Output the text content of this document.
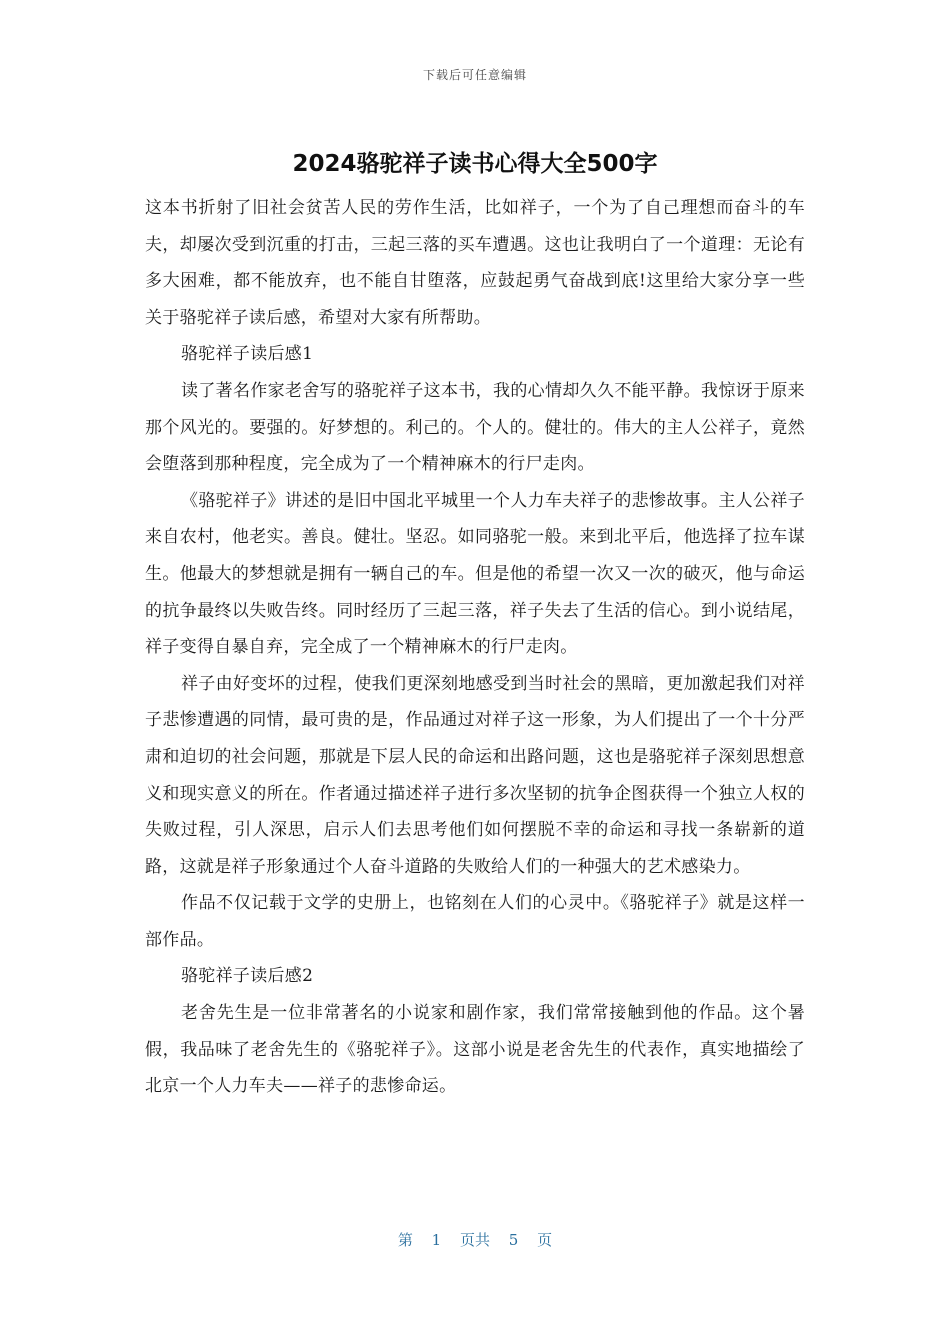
下载后可任意编辑
2024骆驼祥子读书心得大全500字

这本书折射了旧社会贫苦人民的劳作生活，比如祥子，一个为了自己理想而奋斗的车夫，却屡次受到沉重的打击，三起三落的买车遭遇。这也让我明白了一个道理：无论有多大困难，都不能放弃，也不能自甘堕落，应鼓起勇气奋战到底!这里给大家分享一些关于骆驼祥子读后感，希望对大家有所帮助。

骆驼祥子读后感1

读了著名作家老舍写的骆驼祥子这本书，我的心情却久久不能平静。我惊讶于原来那个风光的。要强的。好梦想的。利己的。个人的。健壮的。伟大的主人公祥子，竟然会堕落到那种程度，完全成为了一个精神麻木的行尸走肉。

《骆驼祥子》讲述的是旧中国北平城里一个人力车夫祥子的悲惨故事。主人公祥子来自农村，他老实。善良。健壮。坚忍。如同骆驼一般。来到北平后，他选择了拉车谋生。他最大的梦想就是拥有一辆自己的车。但是他的希望一次又一次的破灭，他与命运的抗争最终以失败告终。同时经历了三起三落，祥子失去了生活的信心。到小说结尾，祥子变得自暴自弃，完全成了一个精神麻木的行尸走肉。

祥子由好变坏的过程，使我们更深刻地感受到当时社会的黑暗，更加激起我们对祥子悲惨遭遇的同情，最可贵的是，作品通过对祥子这一形象，为人们提出了一个十分严肃和迫切的社会问题，那就是下层人民的命运和出路问题，这也是骆驼祥子深刻思想意义和现实意义的所在。作者通过描述祥子进行多次坚韧的抗争企图获得一个独立人权的失败过程，引人深思，启示人们去思考他们如何摆脱不幸的命运和寻找一条崭新的道路，这就是祥子形象通过个人奋斗道路的失败给人们的一种强大的艺术感染力。

作品不仅记载于文学的史册上，也铭刻在人们的心灵中。《骆驼祥子》就是这样一部作品。

骆驼祥子读后感2

老舍先生是一位非常著名的小说家和剧作家，我们常常接触到他的作品。这个暑假，我品味了老舍先生的《骆驼祥子》。这部小说是老舍先生的代表作，真实地描绘了北京一个人力车夫——祥子的悲惨命运。

第 1 页共 5 页
